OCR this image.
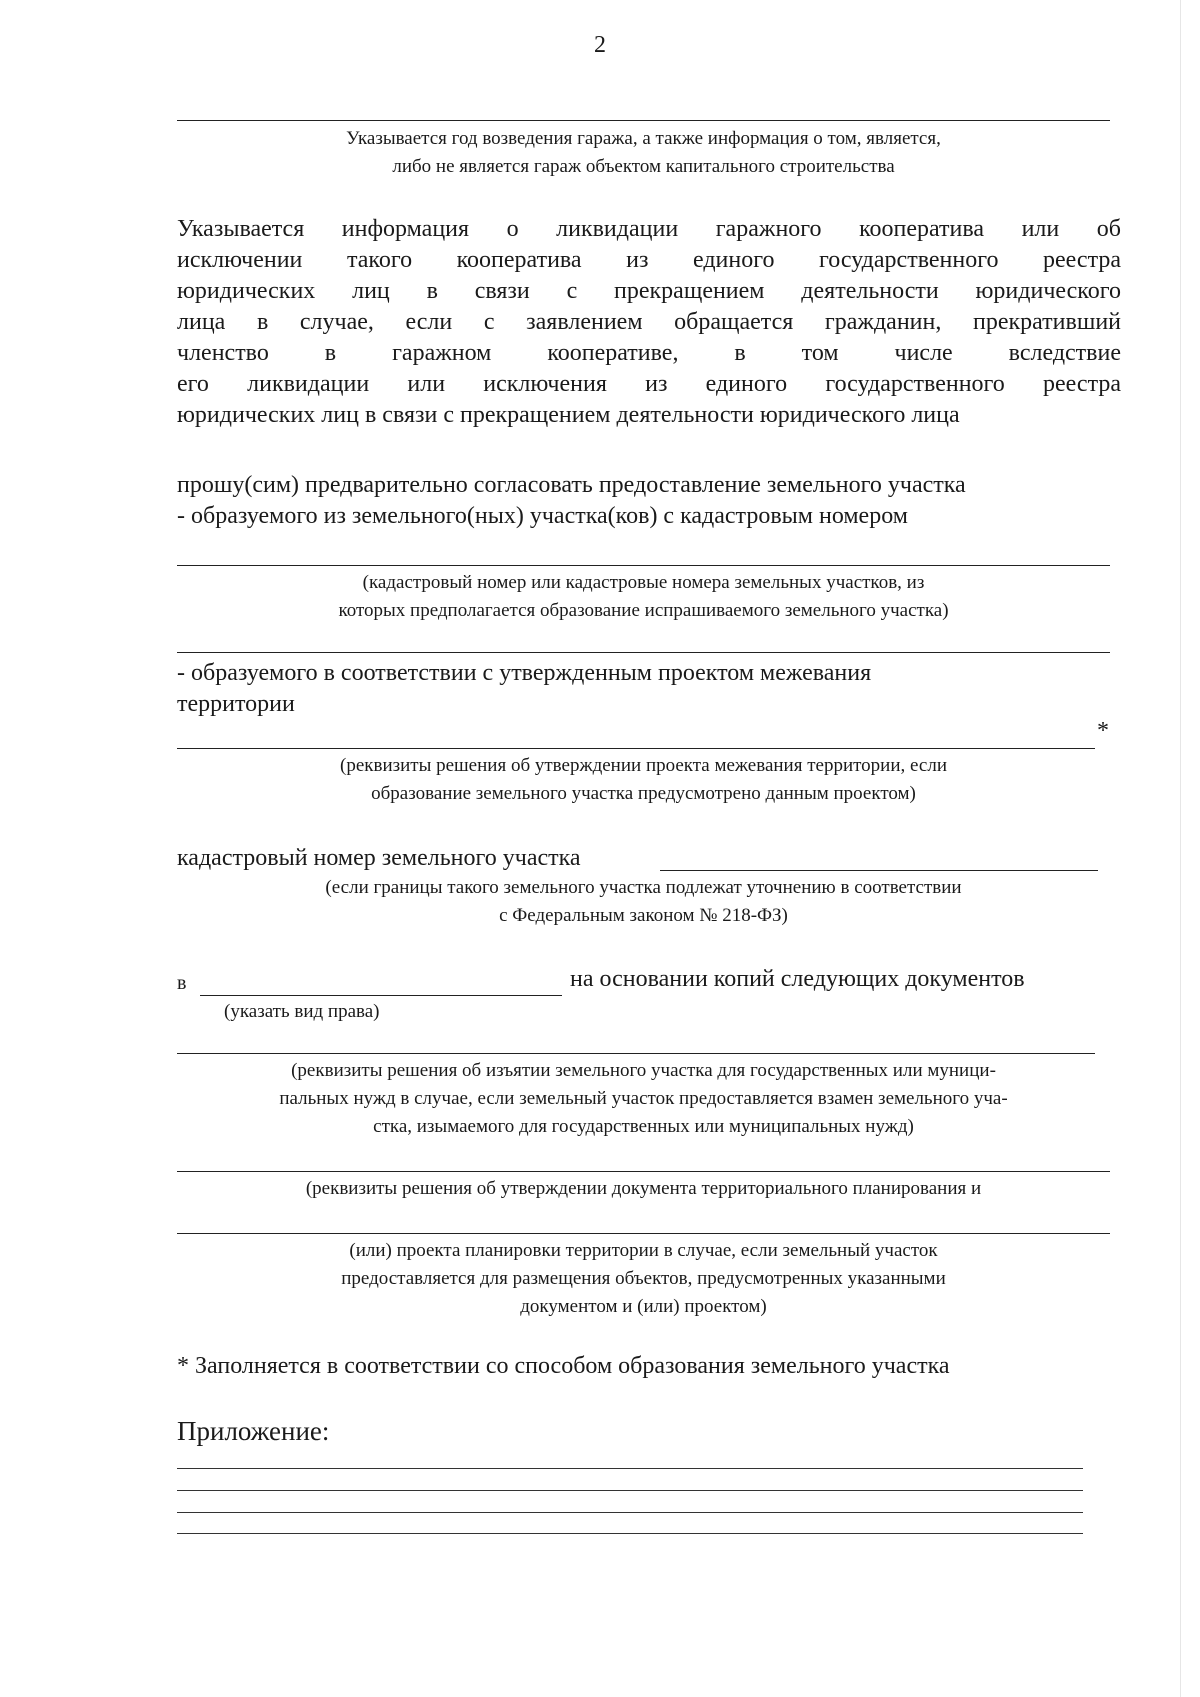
2
Указывается год возведения гаража, а также информация о том, является,
либо не является гараж объектом капитального строительства
Указывается информация о ликвидации гаражного кооператива или об
исключении такого кооператива из единого государственного реестра
юридических лиц в связи с прекращением деятельности юридического
лица в случае, если с заявлением обращается гражданин, прекративший
членство в гаражном кооперативе, в том числе вследствие
его ликвидации или исключения из единого государственного реестра
юридических лиц в связи с прекращением деятельности юридического лица
прошу(сим) предварительно согласовать предоставление земельного участка
- образуемого из земельного(ных) участка(ков) с кадастровым номером
(кадастровый номер или кадастровые номера земельных участков, из
которых предполагается образование испрашиваемого земельного участка)
- образуемого в соответствии с утвержденным проектом межевания
территории
*
(реквизиты решения об утверждении проекта межевания территории, если
образование земельного участка предусмотрено данным проектом)
кадастровый номер земельного участка
(если границы такого земельного участка подлежат уточнению в соответствии
с Федеральным законом № 218-ФЗ)
в	на основании копий следующих документов
(указать вид права)
(реквизиты решения об изъятии земельного участка для государственных или муници-
пальных нужд в случае, если земельный участок предоставляется взамен земельного уча-
стка, изымаемого для государственных или муниципальных нужд)
(реквизиты решения об утверждении документа территориального планирования и
(или) проекта планировки территории в случае, если земельный участок
предоставляется для размещения объектов, предусмотренных указанными
документом и (или) проектом)
* Заполняется в соответствии со способом образования земельного участка
Приложение:
